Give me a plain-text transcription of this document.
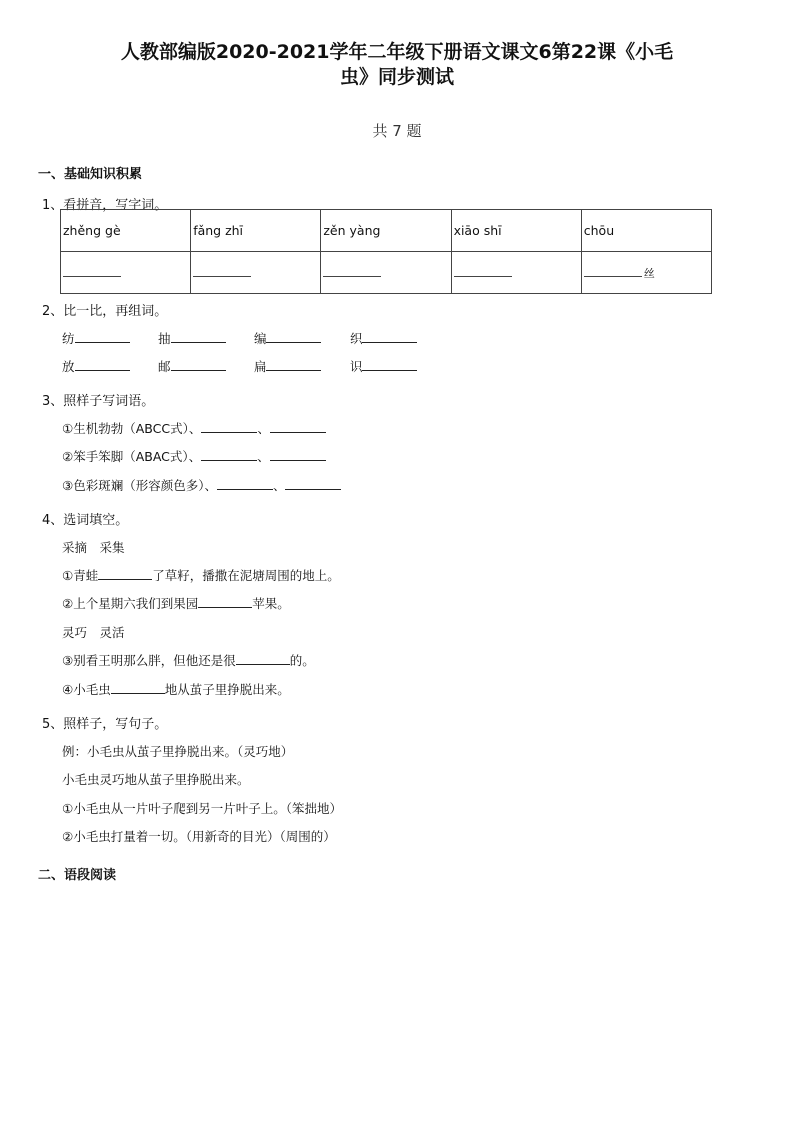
人教部编版2020-2021学年二年级下册语文课文6第22课《小毛
虫》同步测试
共 7 题
一、基础知识积累
1、看拼音，写字词。
zhěng gè	fǎng zhī	zěn yàng	xiāo shī	chōu
				丝
2、比一比，再组词。
纺	抽	编	织
放	邮	扁	识
3、照样子写词语。
①生机勃勃（ABCC式）、	、
②笨手笨脚（ABAC式）、	、
③色彩斑斓（形容颜色多）、	、
4、选词填空。
采摘　采集
①青蛙	了草籽，播撒在泥塘周围的地上。
②上个星期六我们到果园	苹果。
灵巧　灵活
③别看王明那么胖，但他还是很	的。
④小毛虫	地从茧子里挣脱出来。
5、照样子，写句子。
例：小毛虫从茧子里挣脱出来。（灵巧地）
小毛虫灵巧地从茧子里挣脱出来。
①小毛虫从一片叶子爬到另一片叶子上。（笨拙地）
②小毛虫打量着一切。（用新奇的目光）（周围的）
二、语段阅读
